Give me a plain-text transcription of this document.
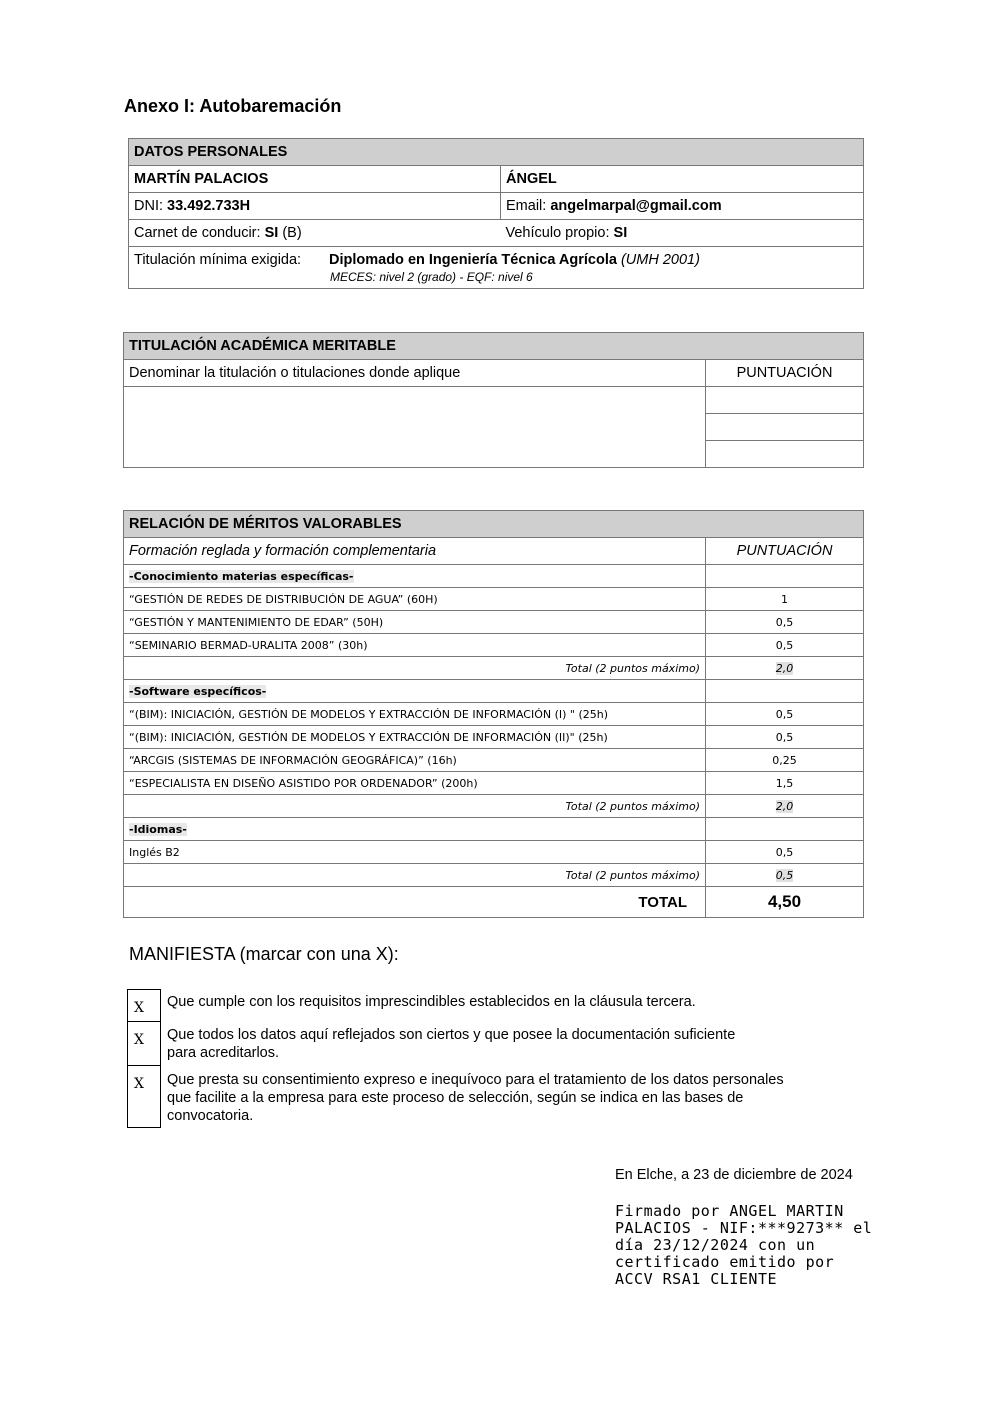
Anexo I: Autobaremación
DATOS PERSONALES	
MARTÍN PALACIOS	ÁNGEL
DNI: 33.492.733H	Email: angelmarpal@gmail.com
Carnet de conducir: SI (B)	Vehículo propio: SI

Titulación mínima exigida: Diplomado en Ingeniería Técnica Agrícola (UMH 2001)
MECES: nivel 2 (grado) - EQF: nivel 6	
TITULACIÓN ACADÉMICA MERITABLE	
Denominar la titulación o titulaciones donde aplique	PUNTUACIÓN

RELACIÓN DE MÉRITOS VALORABLES	
Formación reglada y formación complementaria	PUNTUACIÓN
-Conocimiento materias específicas-	
“GESTIÓN DE REDES DE DISTRIBUCIÓN DE AGUA” (60H)	1
“GESTIÓN Y MANTENIMIENTO DE EDAR” (50H)	0,5
“SEMINARIO BERMAD-URALITA 2008” (30h)	0,5
Total (2 puntos máximo)	2,0
-Software específicos-	
“(BIM): INICIACIÓN, GESTIÓN DE MODELOS Y EXTRACCIÓN DE INFORMACIÓN (I) " (25h)	0,5
“(BIM): INICIACIÓN, GESTIÓN DE MODELOS Y EXTRACCIÓN DE INFORMACIÓN (II)" (25h)	0,5
“ARCGIS (SISTEMAS DE INFORMACIÓN GEOGRÁFICA)” (16h)	0,25
“ESPECIALISTA EN DISEÑO ASISTIDO POR ORDENADOR” (200h)	1,5
Total (2 puntos máximo)	2,0
-Idiomas-	
Inglés B2	0,5
Total (2 puntos máximo)	0,5
TOTAL	4,50
MANIFIESTA (marcar con una X):
X	Que cumple con los requisitos imprescindibles establecidos en la cláusula tercera.
X	Que todos los datos aquí reflejados son ciertos y que posee la documentación suficiente para acreditarlos.
X	Que presta su consentimiento expreso e inequívoco para el tratamiento de los datos personales que facilite a la empresa para este proceso de selección, según se indica en las bases de convocatoria.
En Elche, a 23 de diciembre de 2024
Firmado por ANGEL MARTIN PALACIOS - NIF:***9273** el día 23/12/2024 con un certificado emitido por ACCV RSA1 CLIENTE
